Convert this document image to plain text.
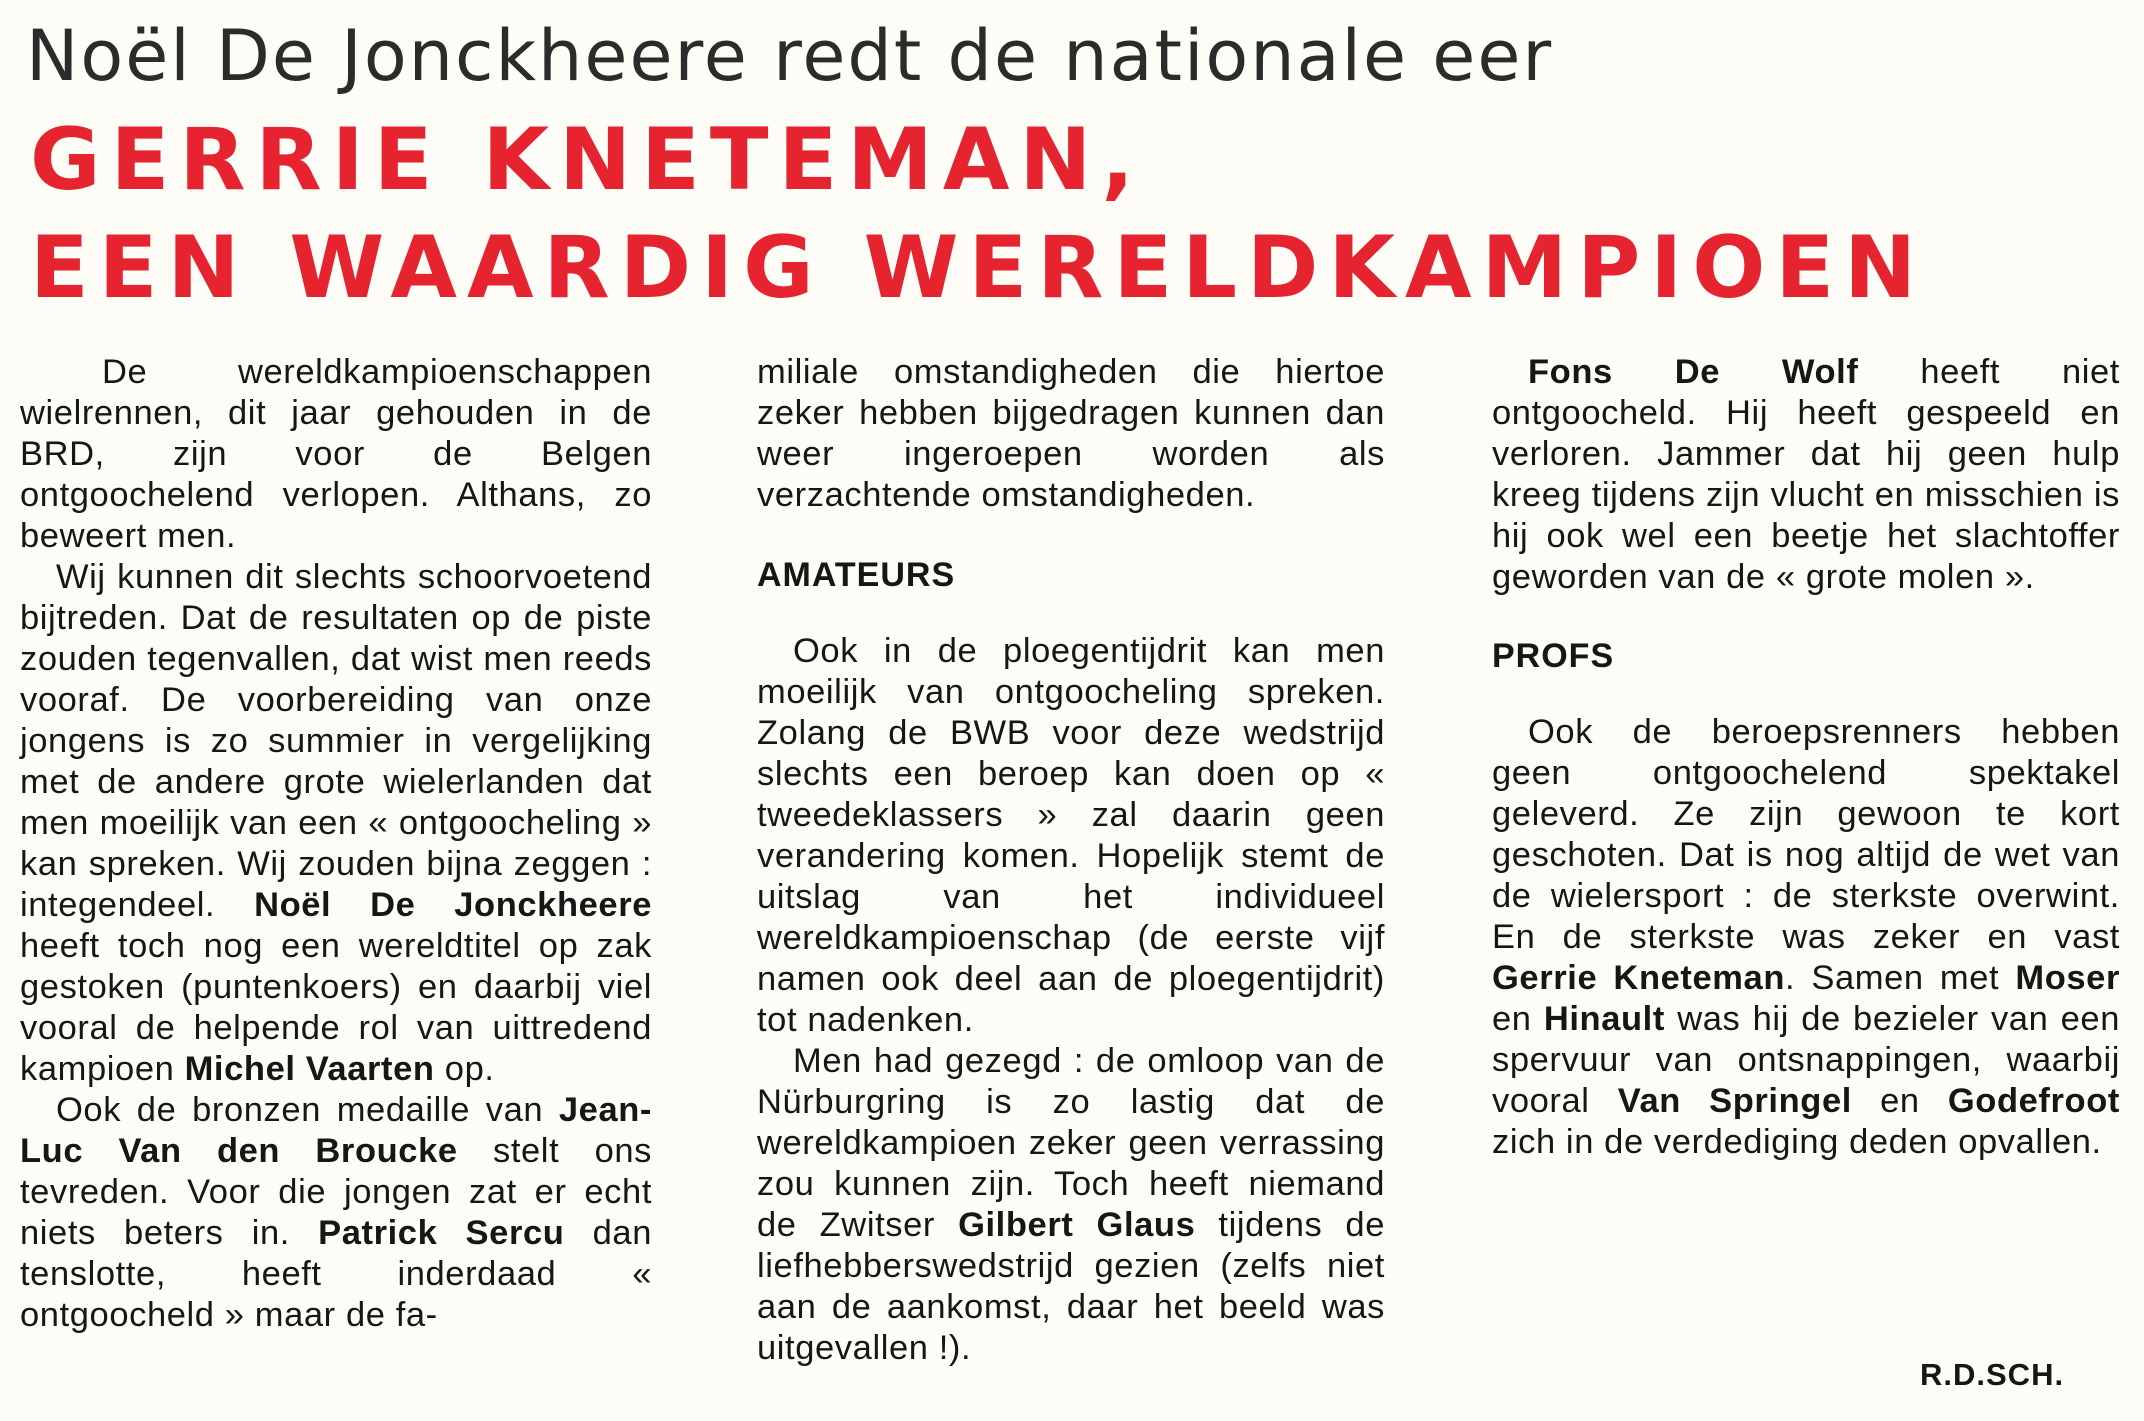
Noël De Jonckheere redt de nationale eer
GERRIE KNETEMAN,
EEN WAARDIG WERELDKAMPIOEN

De wereldkampioenschappen wielrennen, dit jaar gehouden in de BRD, zijn voor de Belgen ontgoochelend verlopen. Althans, zo beweert men.

Wij kunnen dit slechts schoorvoetend bijtreden. Dat de resultaten op de piste zouden tegenvallen, dat wist men reeds vooraf. De voorbereiding van onze jongens is zo summier in vergelijking met de andere grote wielerlanden dat men moeilijk van een « ontgoocheling » kan spreken. Wij zouden bijna zeggen : integendeel. Noël De Jonckheere heeft toch nog een wereldtitel op zak gestoken (puntenkoers) en daarbij viel vooral de helpende rol van uittredend kampioen Michel Vaarten op.

Ook de bronzen medaille van Jean-Luc Van den Broucke stelt ons tevreden. Voor die jongen zat er echt niets beters in. Patrick Sercu dan tenslotte, heeft inderdaad « ontgoocheld » maar de fa-

miliale omstandigheden die hiertoe zeker hebben bijgedragen kunnen dan weer ingeroepen worden als verzachtende omstandigheden.

AMATEURS

Ook in de ploegentijdrit kan men moeilijk van ontgoocheling spreken. Zolang de BWB voor deze wedstrijd slechts een beroep kan doen op « tweedeklassers » zal daarin geen verandering komen. Hopelijk stemt de uitslag van het individueel wereldkampioenschap (de eerste vijf namen ook deel aan de ploegentijdrit) tot nadenken.

Men had gezegd : de omloop van de Nürburgring is zo lastig dat de wereldkampioen zeker geen verrassing zou kunnen zijn. Toch heeft niemand de Zwitser Gilbert Glaus tijdens de liefhebberswedstrijd gezien (zelfs niet aan de aankomst, daar het beeld was uitgevallen !).

Fons De Wolf heeft niet ontgoocheld. Hij heeft gespeeld en verloren. Jammer dat hij geen hulp kreeg tijdens zijn vlucht en misschien is hij ook wel een beetje het slachtoffer geworden van de « grote molen ».

PROFS

Ook de beroepsrenners hebben geen ontgoochelend spektakel geleverd. Ze zijn gewoon te kort geschoten. Dat is nog altijd de wet van de wielersport : de sterkste overwint. En de sterkste was zeker en vast Gerrie Kneteman. Samen met Moser en Hinault was hij de bezieler van een spervuur van ontsnappingen, waarbij vooral Van Springel en Godefroot zich in de verdediging deden opvallen.

R.D.SCH.
